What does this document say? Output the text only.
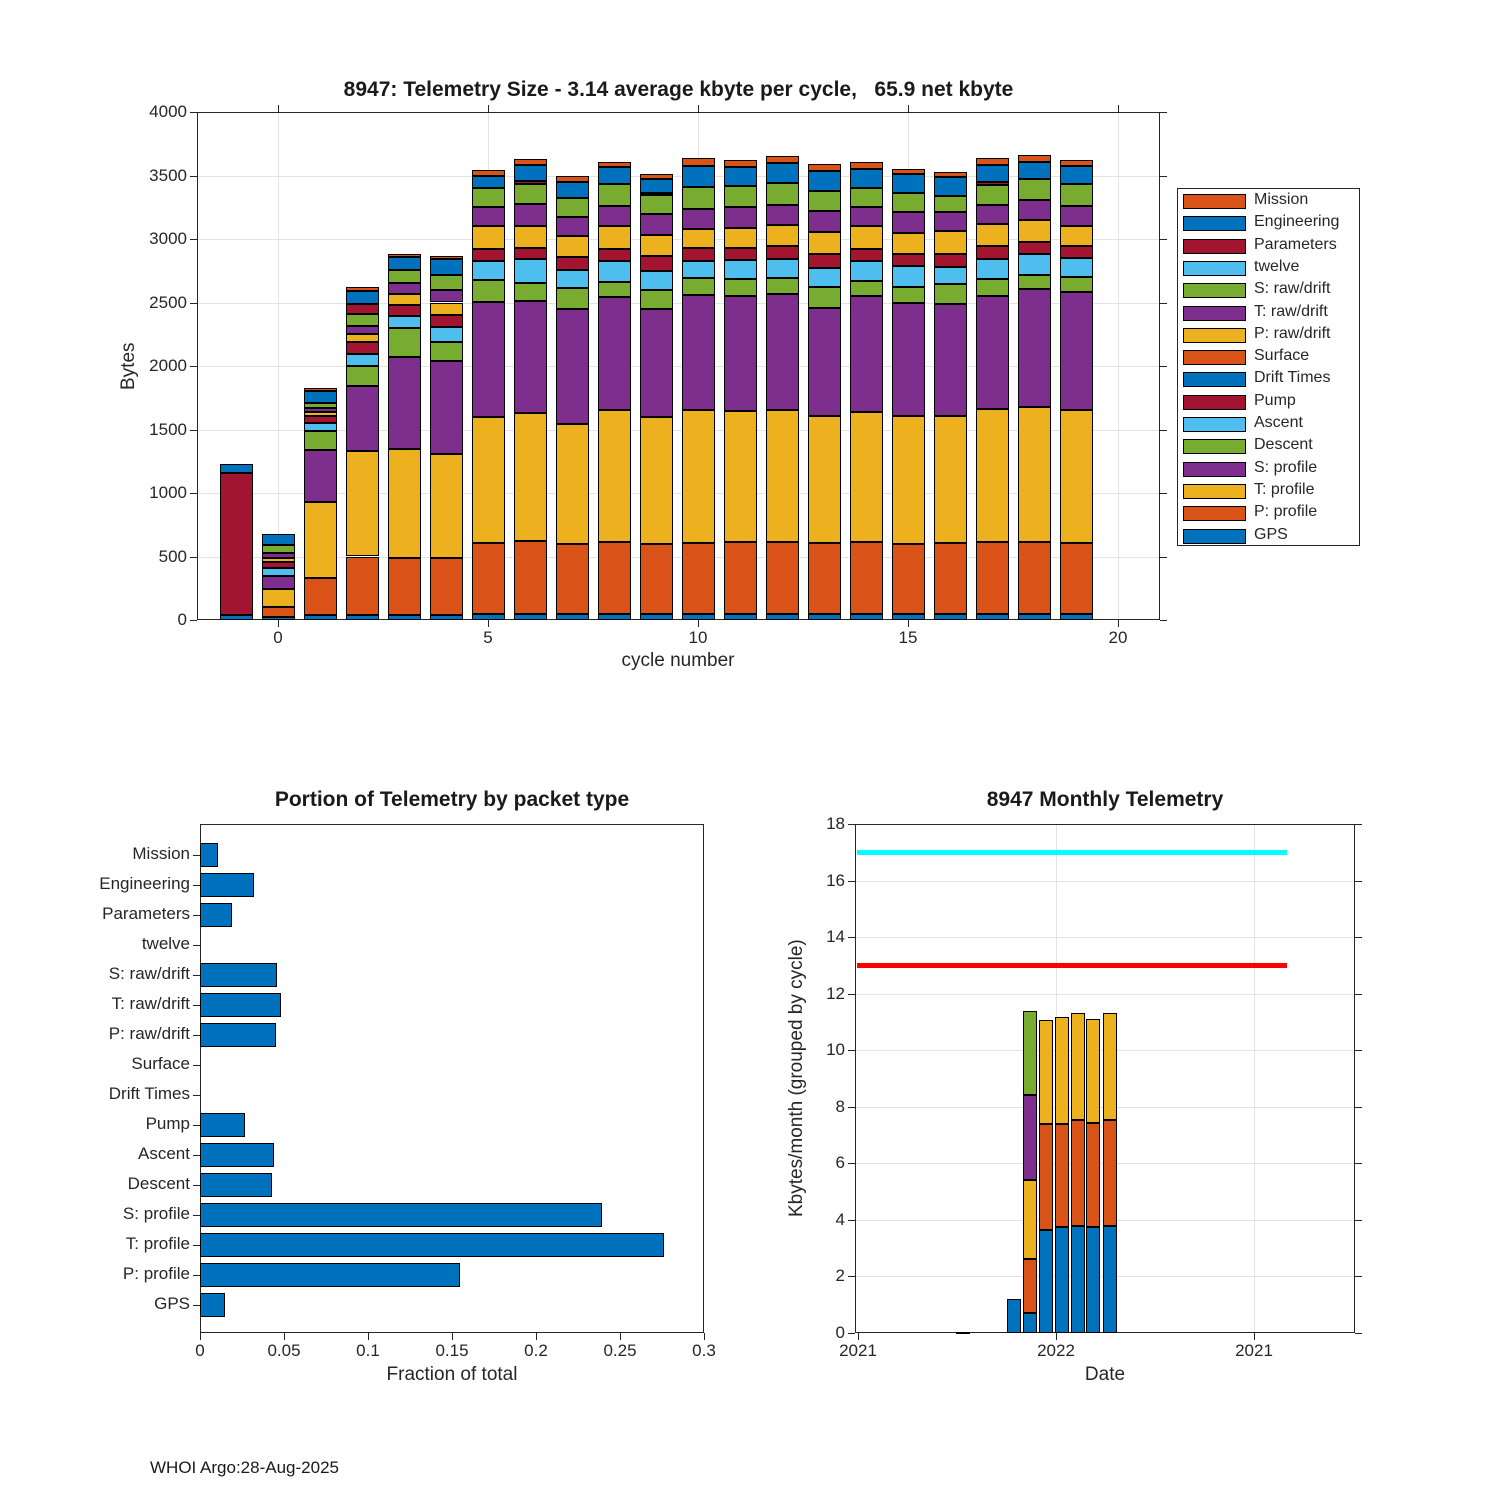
8947: Telemetry Size - 3.14 average kbyte per cycle,   65.9 net kbyte
Bytes
cycle number
Mission
Engineering
Parameters
twelve
S: raw/drift
T: raw/drift
P: raw/drift
Surface
Drift Times
Pump
Ascent
Descent
S: profile
T: profile
P: profile
GPS
Portion of Telemetry by packet type
Fraction of total
8947 Monthly Telemetry
Kbytes/month (grouped by cycle)
Date
WHOI Argo:28-Aug-2025
0
500
1000
1500
2000
2500
3000
3500
4000
0	5	10	15	20
Mission
Engineering
Parameters
twelve
S: raw/drift
T: raw/drift
P: raw/drift
Surface
Drift Times
Pump
Ascent
Descent
S: profile
T: profile
P: profile
GPS
0	0.05	0.1	0.15	0.2	0.25	0.3
0
2
4
6
8
10
12
14
16
18
2021	2022	2021
